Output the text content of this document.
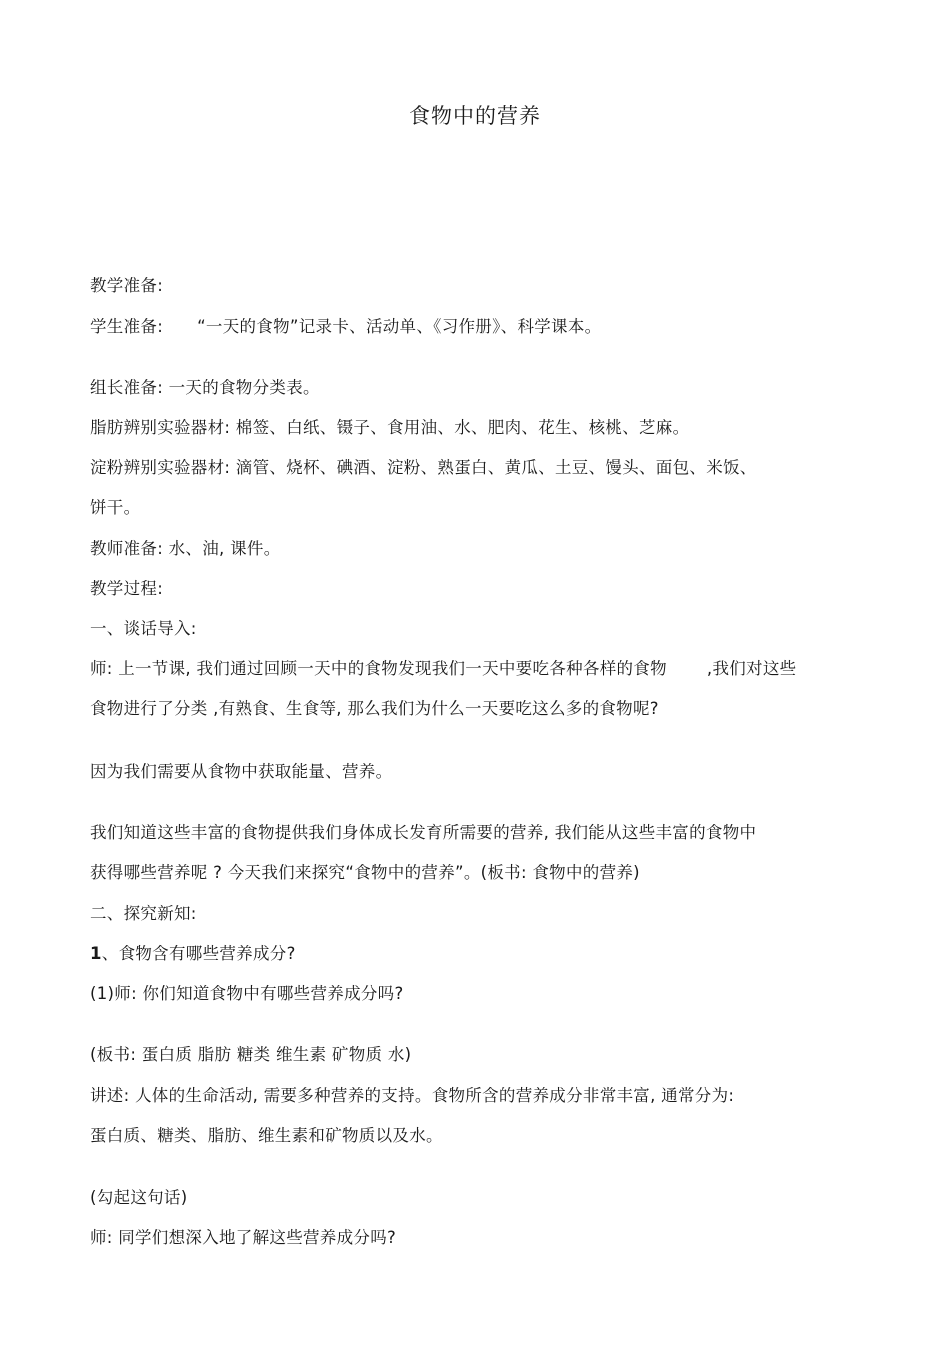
食物中的营养
教学准备:
学生准备: “一天的食物”记录卡、活动单、《习作册》、科学课本。
组长准备: 一天的食物分类表。
脂肪辨别实验器材: 棉签、白纸、镊子、食用油、水、肥肉、花生、核桃、芝麻。
淀粉辨别实验器材: 滴管、烧杯、碘酒、淀粉、熟蛋白、黄瓜、土豆、馒头、面包、米饭、
饼干。
教师准备: 水、油, 课件。
教学过程:
一、谈话导入:
师: 上一节课, 我们通过回顾一天中的食物发现我们一天中要吃各种各样的食物 ,我们对这些
食物进行了分类 ,有熟食、生食等, 那么我们为什么一天要吃这么多的食物呢?
因为我们需要从食物中获取能量、营养。
我们知道这些丰富的食物提供我们身体成长发育所需要的营养, 我们能从这些丰富的食物中
获得哪些营养呢 ? 今天我们来探究“食物中的营养”。(板书: 食物中的营养)
二、探究新知:
1、食物含有哪些营养成分?
(1)师: 你们知道食物中有哪些营养成分吗?
(板书: 蛋白质 脂肪 糖类 维生素 矿物质 水)
讲述: 人体的生命活动, 需要多种营养的支持。食物所含的营养成分非常丰富, 通常分为:
蛋白质、糖类、脂肪、维生素和矿物质以及水。
(勾起这句话)
师: 同学们想深入地了解这些营养成分吗?
